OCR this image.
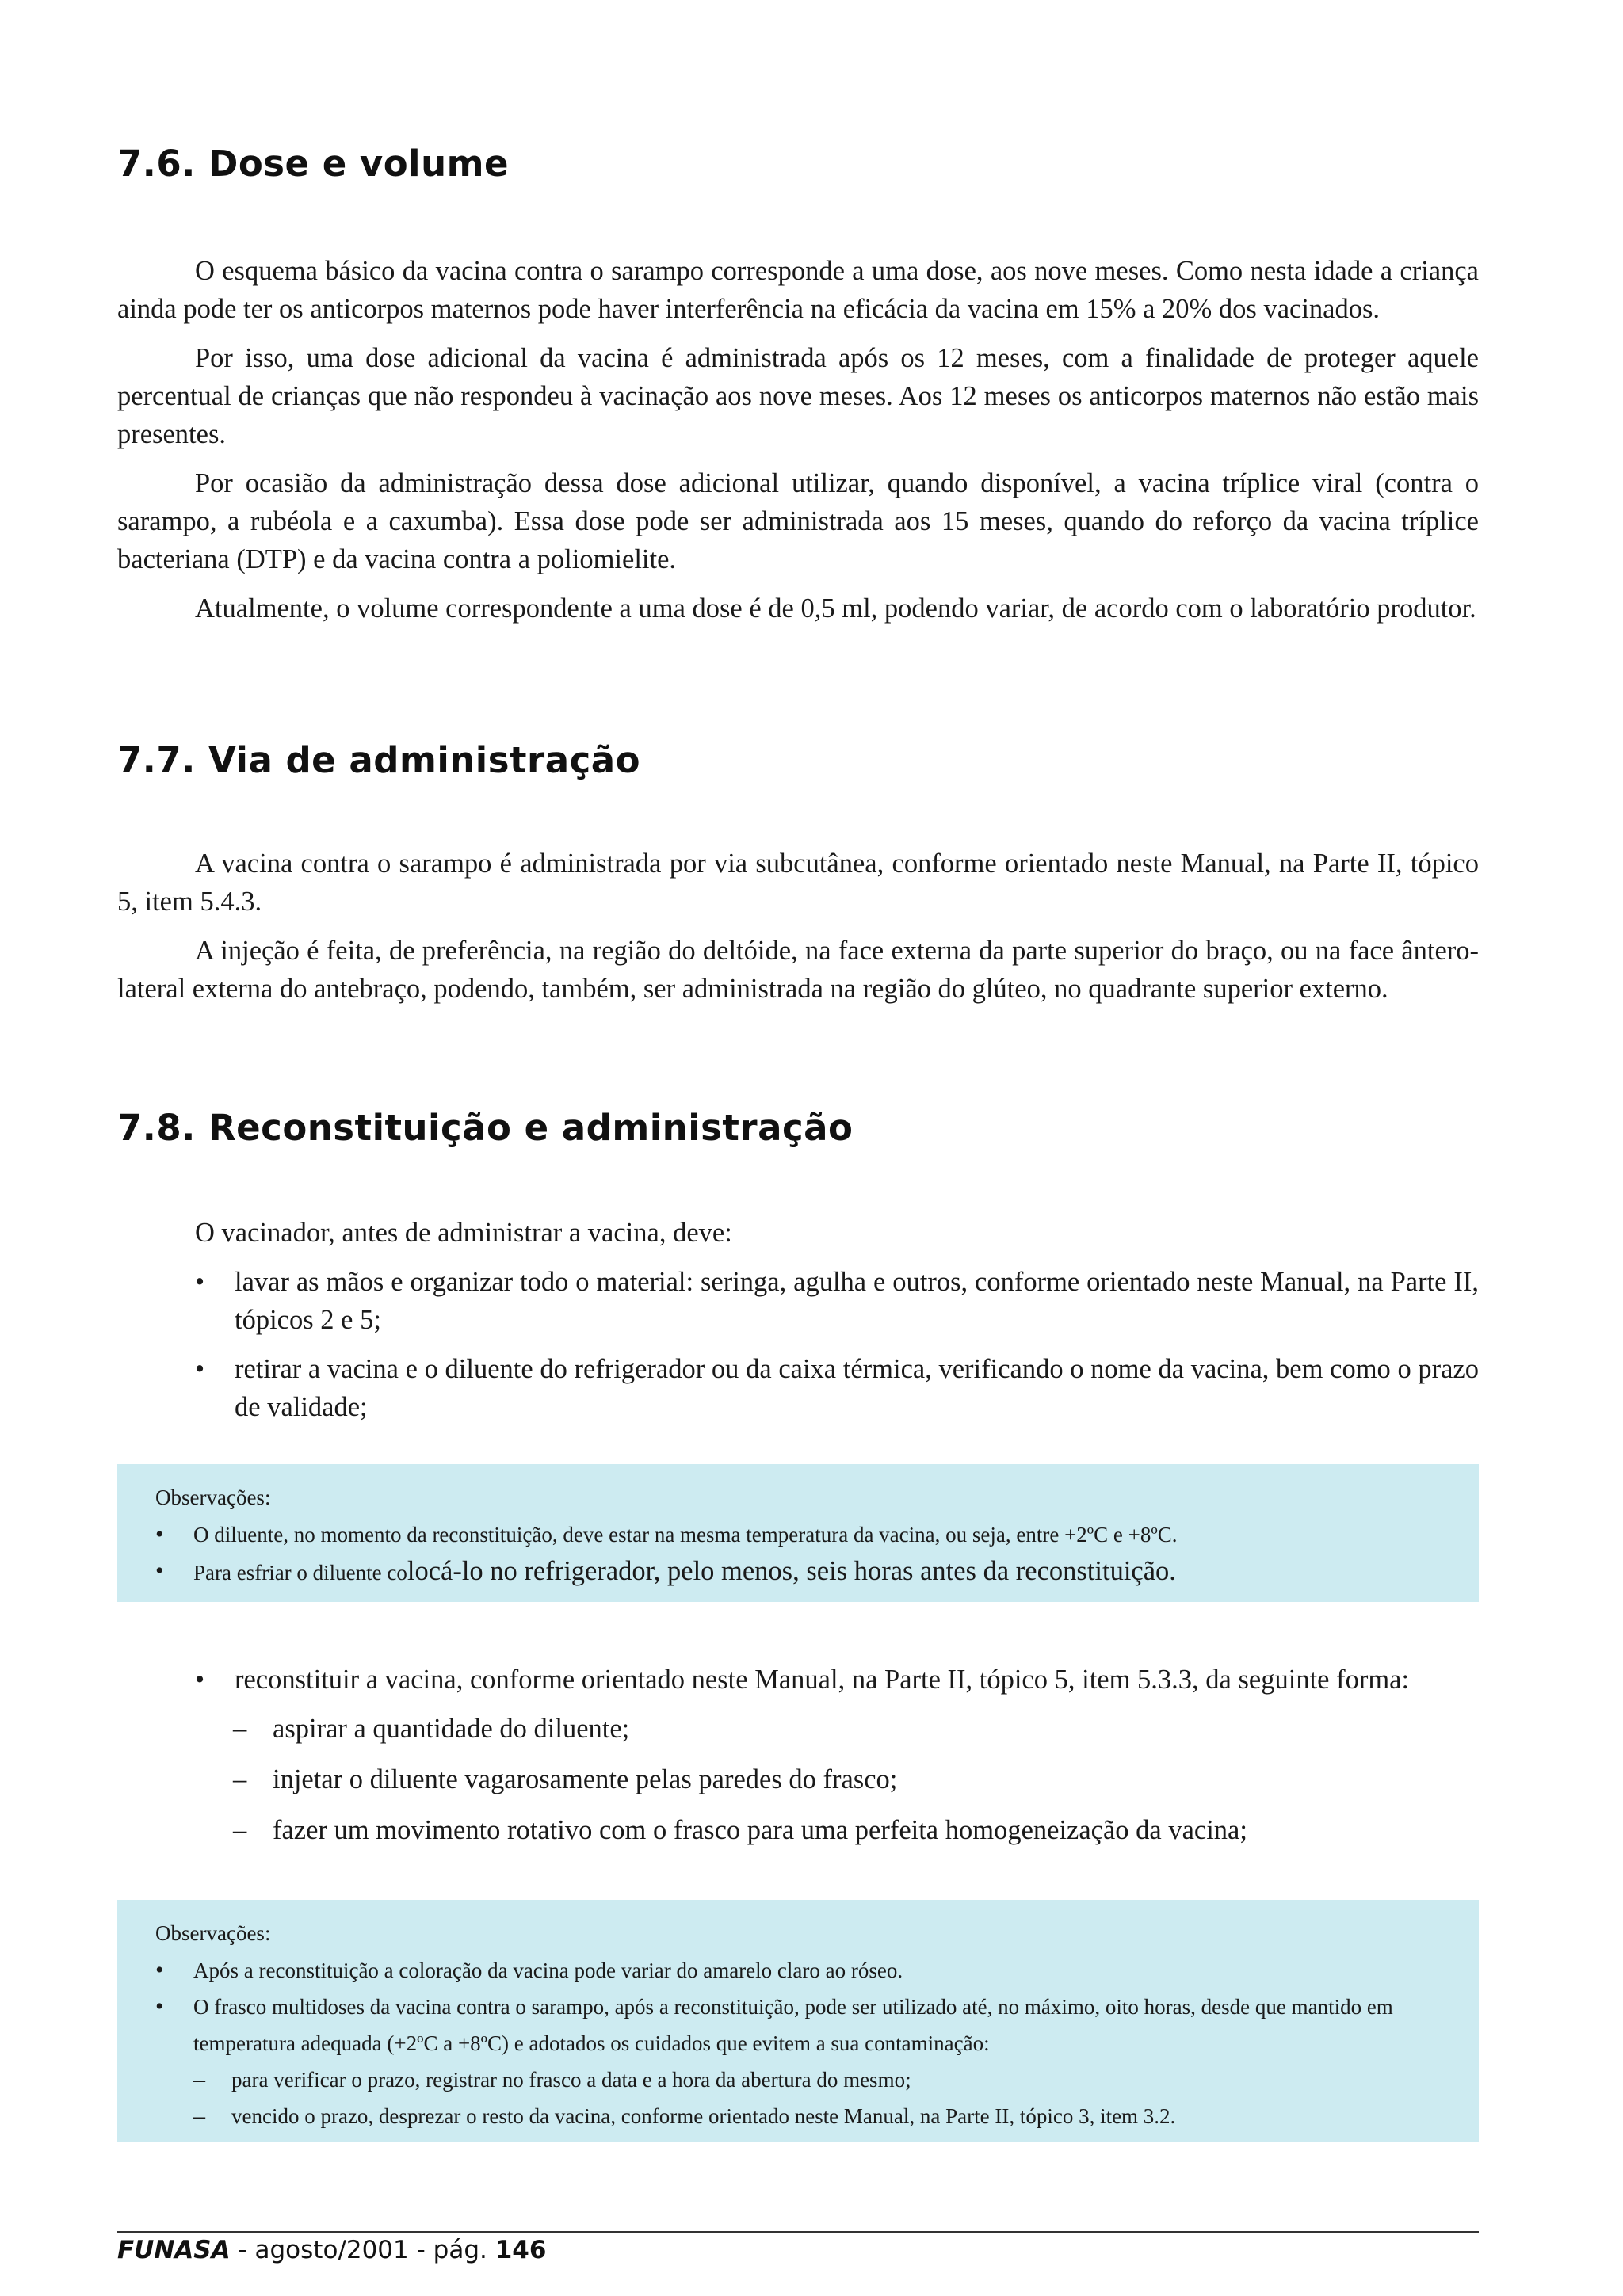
7.6. Dose e volume

O esquema básico da vacina contra o sarampo corresponde a uma dose, aos nove meses. Como nesta idade a criança ainda pode ter os anticorpos maternos pode haver interferência na eficácia da vacina em 15% a 20% dos vacinados.

Por isso, uma dose adicional da vacina é administrada após os 12 meses, com a finalidade de proteger aquele percentual de crianças que não respondeu à vacinação aos nove meses. Aos 12 meses os anticorpos maternos não estão mais presentes.

Por ocasião da administração dessa dose adicional utilizar, quando disponível, a vacina tríplice viral (contra o sarampo, a rubéola e a caxumba). Essa dose pode ser administrada aos 15 meses, quando do reforço da vacina tríplice bacteriana (DTP) e da vacina contra a poliomielite.

Atualmente, o volume correspondente a uma dose é de 0,5 ml, podendo variar, de acordo com o laboratório produtor.

7.7. Via de administração

A vacina contra o sarampo é administrada por via subcutânea, conforme orientado neste Manual, na Parte II, tópico 5, item 5.4.3.

A injeção é feita, de preferência, na região do deltóide, na face externa da parte superior do braço, ou na face ântero-lateral externa do antebraço, podendo, também, ser administrada na região do glúteo, no quadrante superior externo.

7.8. Reconstituição e administração

O vacinador, antes de administrar a vacina, deve:

• lavar as mãos e organizar todo o material: seringa, agulha e outros, conforme orientado neste Manual, na Parte II, tópicos 2 e 5;
• retirar a vacina e o diluente do refrigerador ou da caixa térmica, verificando o nome da vacina, bem como o prazo de validade;

Observações:

• O diluente, no momento da reconstituição, deve estar na mesma temperatura da vacina, ou seja, entre +2ºC e +8ºC.
• Para esfriar o diluente colocá-lo no refrigerador, pelo menos, seis horas antes da reconstituição.
• reconstituir a vacina, conforme orientado neste Manual, na Parte II, tópico 5, item 5.3.3, da seguinte forma:
– aspirar a quantidade do diluente;
– injetar o diluente vagarosamente pelas paredes do frasco;
– fazer um movimento rotativo com o frasco para uma perfeita homogeneização da vacina;

Observações:

• Após a reconstituição a coloração da vacina pode variar do amarelo claro ao róseo.
• O frasco multidoses da vacina contra o sarampo, após a reconstituição, pode ser utilizado até, no máximo, oito horas, desde que mantido em temperatura adequada (+2ºC a +8ºC) e adotados os cuidados que evitem a sua contaminação:
– para verificar o prazo, registrar no frasco a data e a hora da abertura do mesmo;
– vencido o prazo, desprezar o resto da vacina, conforme orientado neste Manual, na Parte II, tópico 3, item 3.2.
FUNASA - agosto/2001 - pág. 146
